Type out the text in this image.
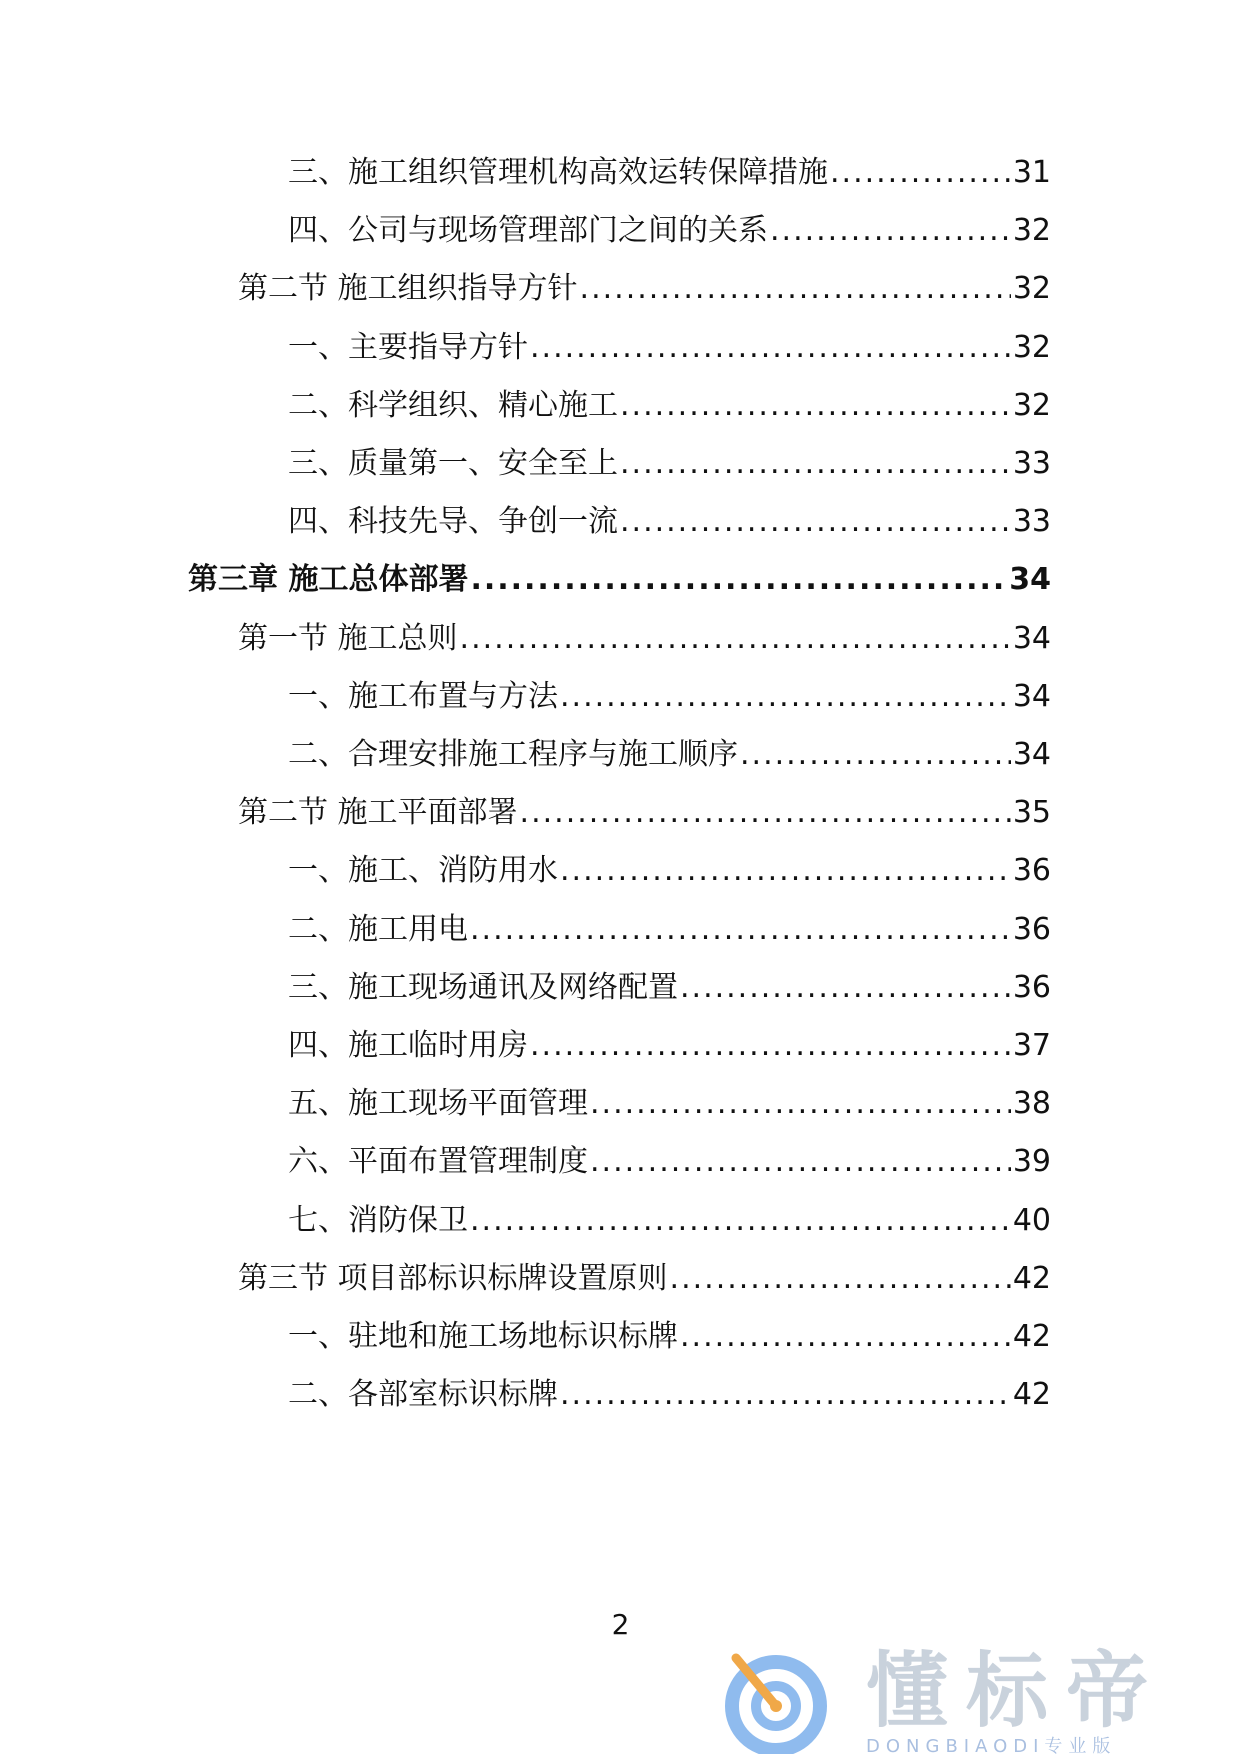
三、施工组织管理机构高效运转保障措施 .....	31
四、公司与现场管理部门之间的关系 .....	32
第二节 施工组织指导方针 .....	32
一、主要指导方针 .....	32
二、科学组织、精心施工 .....	32
三、质量第一、安全至上 .....	33
四、科技先导、争创一流 .....	33
第三章 施工总体部署 .....	34
第一节 施工总则 .....	34
一、施工布置与方法 .....	34
二、合理安排施工程序与施工顺序 .....	34
第二节 施工平面部署 .....	35
一、施工、消防用水 .....	36
二、施工用电 .....	36
三、施工现场通讯及网络配置 .....	36
四、施工临时用房 .....	37
五、施工现场平面管理 .....	38
六、平面布置管理制度 .....	39
七、消防保卫 .....	40
第三节 项目部标识标牌设置原则 .....	42
一、驻地和施工场地标识标牌 .....	42
二、各部室标识标牌 .....	42
2
懂标帝
DONGBIAODI专业版
